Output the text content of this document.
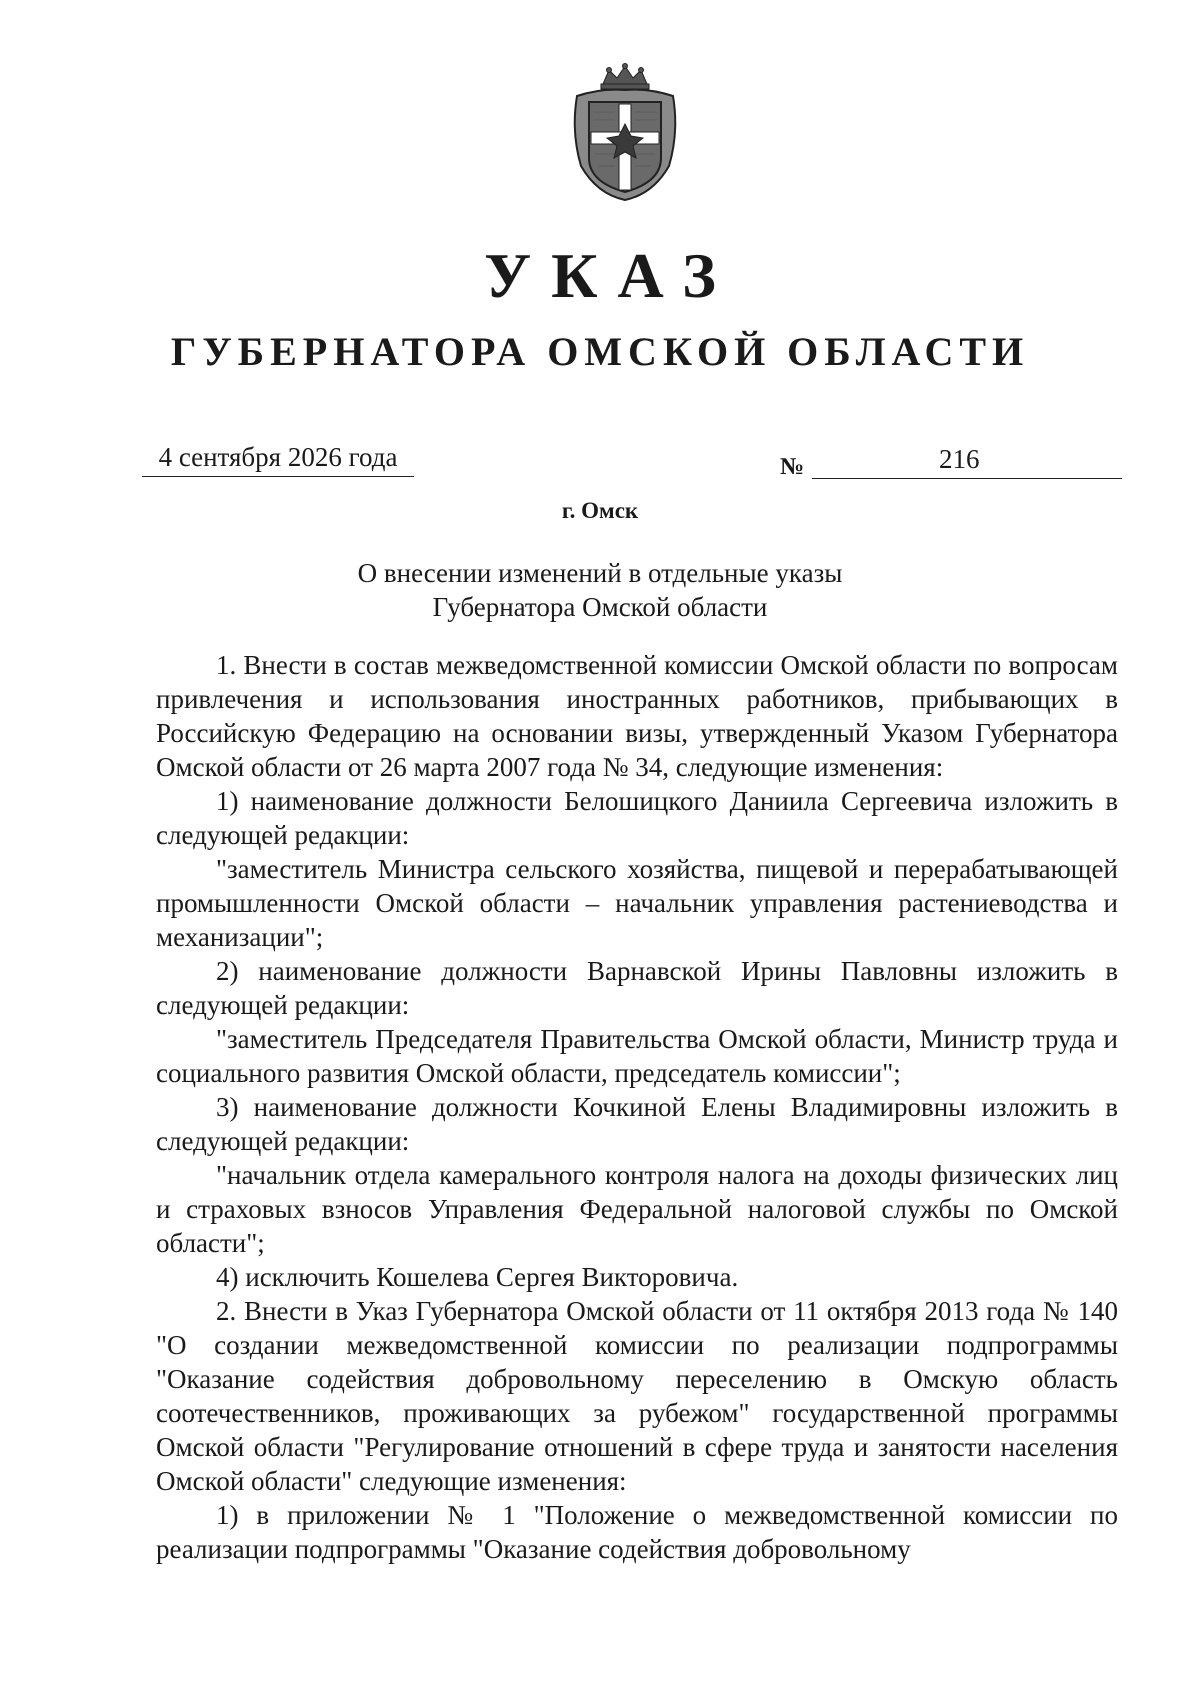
УКАЗ
ГУБЕРНАТОРА ОМСКОЙ ОБЛАСТИ
4 сентября 2026 года	№	216
г. Омск
О внесении изменений в отдельные указы
Губернатора Омской области

1. Внести в состав межведомственной комиссии Омской области по вопросам привлечения и использования иностранных работников, прибывающих в Российскую Федерацию на основании визы, утвержденный Указом Губернатора Омской области от 26 марта 2007 года № 34, следующие изменения:

1) наименование должности Белошицкого Даниила Сергеевича изложить в следующей редакции:

"заместитель Министра сельского хозяйства, пищевой и перерабатывающей промышленности Омской области – начальник управления растениеводства и механизации";

2) наименование должности Варнавской Ирины Павловны изложить в следующей редакции:

"заместитель Председателя Правительства Омской области, Министр труда и социального развития Омской области, председатель комиссии";

3) наименование должности Кочкиной Елены Владимировны изложить в следующей редакции:

"начальник отдела камерального контроля налога на доходы физических лиц и страховых взносов Управления Федеральной налоговой службы по Омской области";

4) исключить Кошелева Сергея Викторовича.

2. Внести в Указ Губернатора Омской области от 11 октября 2013 года № 140 "О создании межведомственной комиссии по реализации подпрограммы "Оказание содействия добровольному переселению в Омскую область соотечественников, проживающих за рубежом" государственной программы Омской области "Регулирование отношений в сфере труда и занятости населения Омской области" следующие изменения:

1) в приложении № 1 "Положение о межведомственной комиссии по реализации подпрограммы "Оказание содействия добровольному
